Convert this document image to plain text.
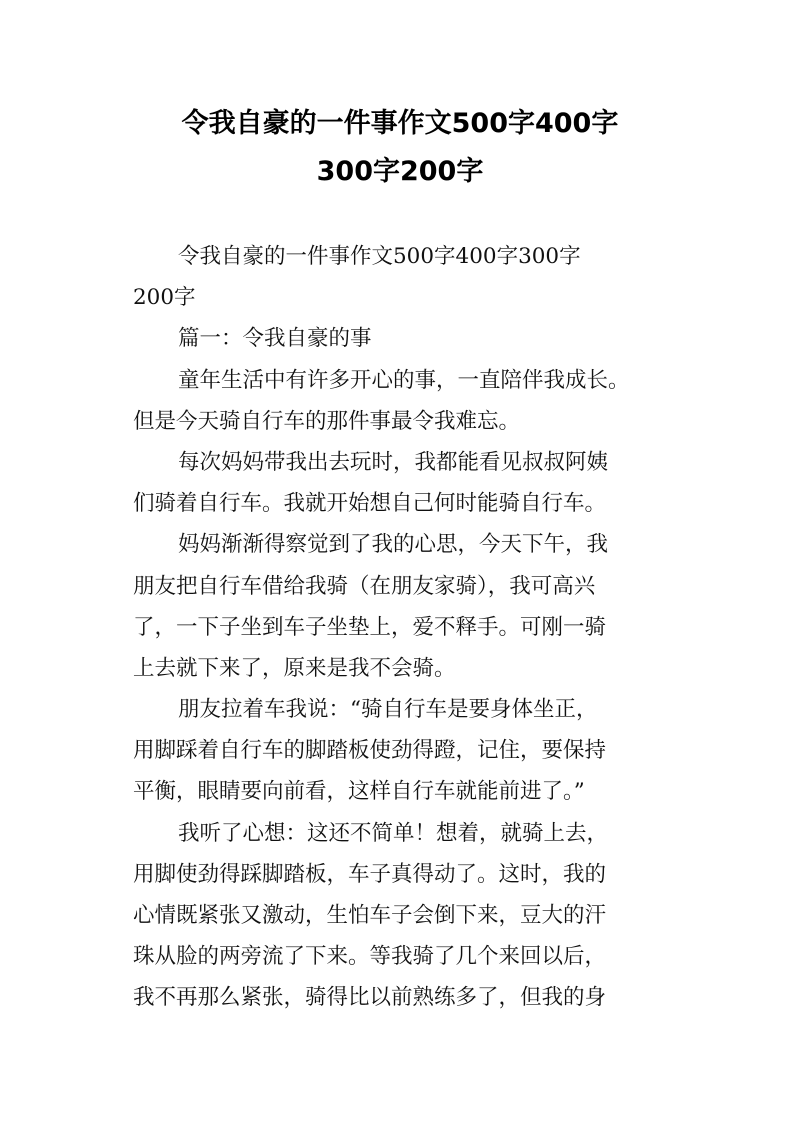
令我自豪的一件事作文500字400字
300字200字
令我自豪的一件事作文500字400字300字
200字
篇一：令我自豪的事
童年生活中有许多开心的事，一直陪伴我成长。
但是今天骑自行车的那件事最令我难忘。
每次妈妈带我出去玩时，我都能看见叔叔阿姨
们骑着自行车。我就开始想自己何时能骑自行车。
妈妈渐渐得察觉到了我的心思，今天下午，我
朋友把自行车借给我骑（在朋友家骑），我可高兴
了，一下子坐到车子坐垫上，爱不释手。可刚一骑
上去就下来了，原来是我不会骑。
朋友拉着车我说：“骑自行车是要身体坐正，
用脚踩着自行车的脚踏板使劲得蹬，记住，要保持
平衡，眼睛要向前看，这样自行车就能前进了。”
我听了心想：这还不简单！想着，就骑上去，
用脚使劲得踩脚踏板，车子真得动了。这时，我的
心情既紧张又激动，生怕车子会倒下来，豆大的汗
珠从脸的两旁流了下来。等我骑了几个来回以后，
我不再那么紧张，骑得比以前熟练多了，但我的身
